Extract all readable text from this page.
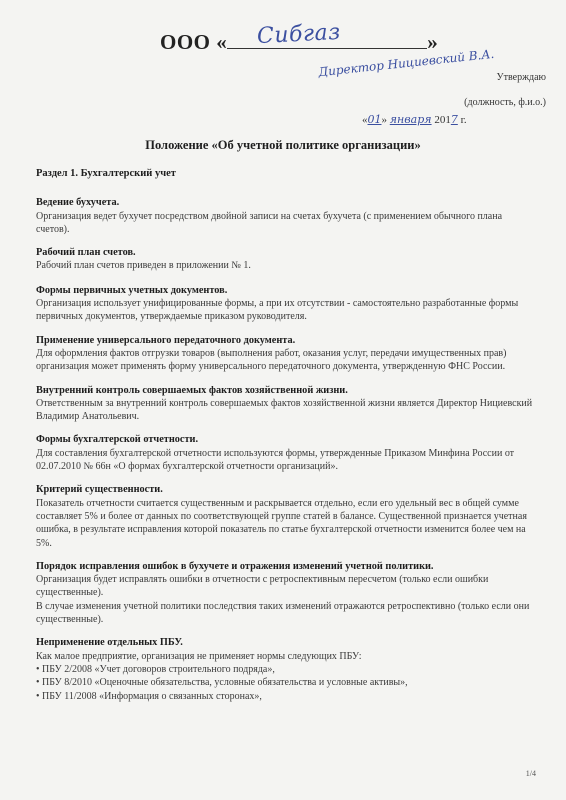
ООО « Сибгаз	»
Директор Нициевский В.А. Утверждаю
(должность, ф.и.о.)
«01» января 2017 г.
Положение «Об учетной политике организации»
Раздел 1. Бухгалтерский учет
Ведение бухучета.

Организация ведет бухучет посредством двойной записи на счетах бухучета (с применением обычного плана счетов).

Рабочий план счетов.

Рабочий план счетов приведен в приложении № 1.

Формы первичных учетных документов.

Организация использует унифицированные формы, а при их отсутствии - самостоятельно разработанные формы первичных документов, утверждаемые приказом руководителя.

Применение универсального передаточного документа.

Для оформления фактов отгрузки товаров (выполнения работ, оказания услуг, передачи имущественных прав) организация может применять форму универсального передаточного документа, утвержденную ФНС России.

Внутренний контроль совершаемых фактов хозяйственной жизни.

Ответственным за внутренний контроль совершаемых фактов хозяйственной жизни является Директор Нициевский Владимир Анатольевич.

Формы бухгалтерской отчетности.

Для составления бухгалтерской отчетности используются формы, утвержденные Приказом Минфина России от 02.07.2010 № 66н «О формах бухгалтерской отчетности организаций».

Критерий существенности.

Показатель отчетности считается существенным и раскрывается отдельно, если его удельный вес в общей сумме составляет 5% и более от данных по соответствующей группе статей в балансе. Существенной признается учетная ошибка, в результате исправления которой показатель по статье бухгалтерской отчетности изменится более чем на 5%.

Порядок исправления ошибок в бухучете и отражения изменений учетной политики.

Организация будет исправлять ошибки в отчетности с ретроспективным пересчетом (только если ошибки существенные).

В случае изменения учетной политики последствия таких изменений отражаются ретроспективно (только если они существенные).

Неприменение отдельных ПБУ.

Как малое предприятие, организация не применяет нормы следующих ПБУ:

• ПБУ 2/2008 «Учет договоров строительного подряда»,
• ПБУ 8/2010 «Оценочные обязательства, условные обязательства и условные активы»,
• ПБУ 11/2008 «Информация о связанных сторонах»,
1/4
